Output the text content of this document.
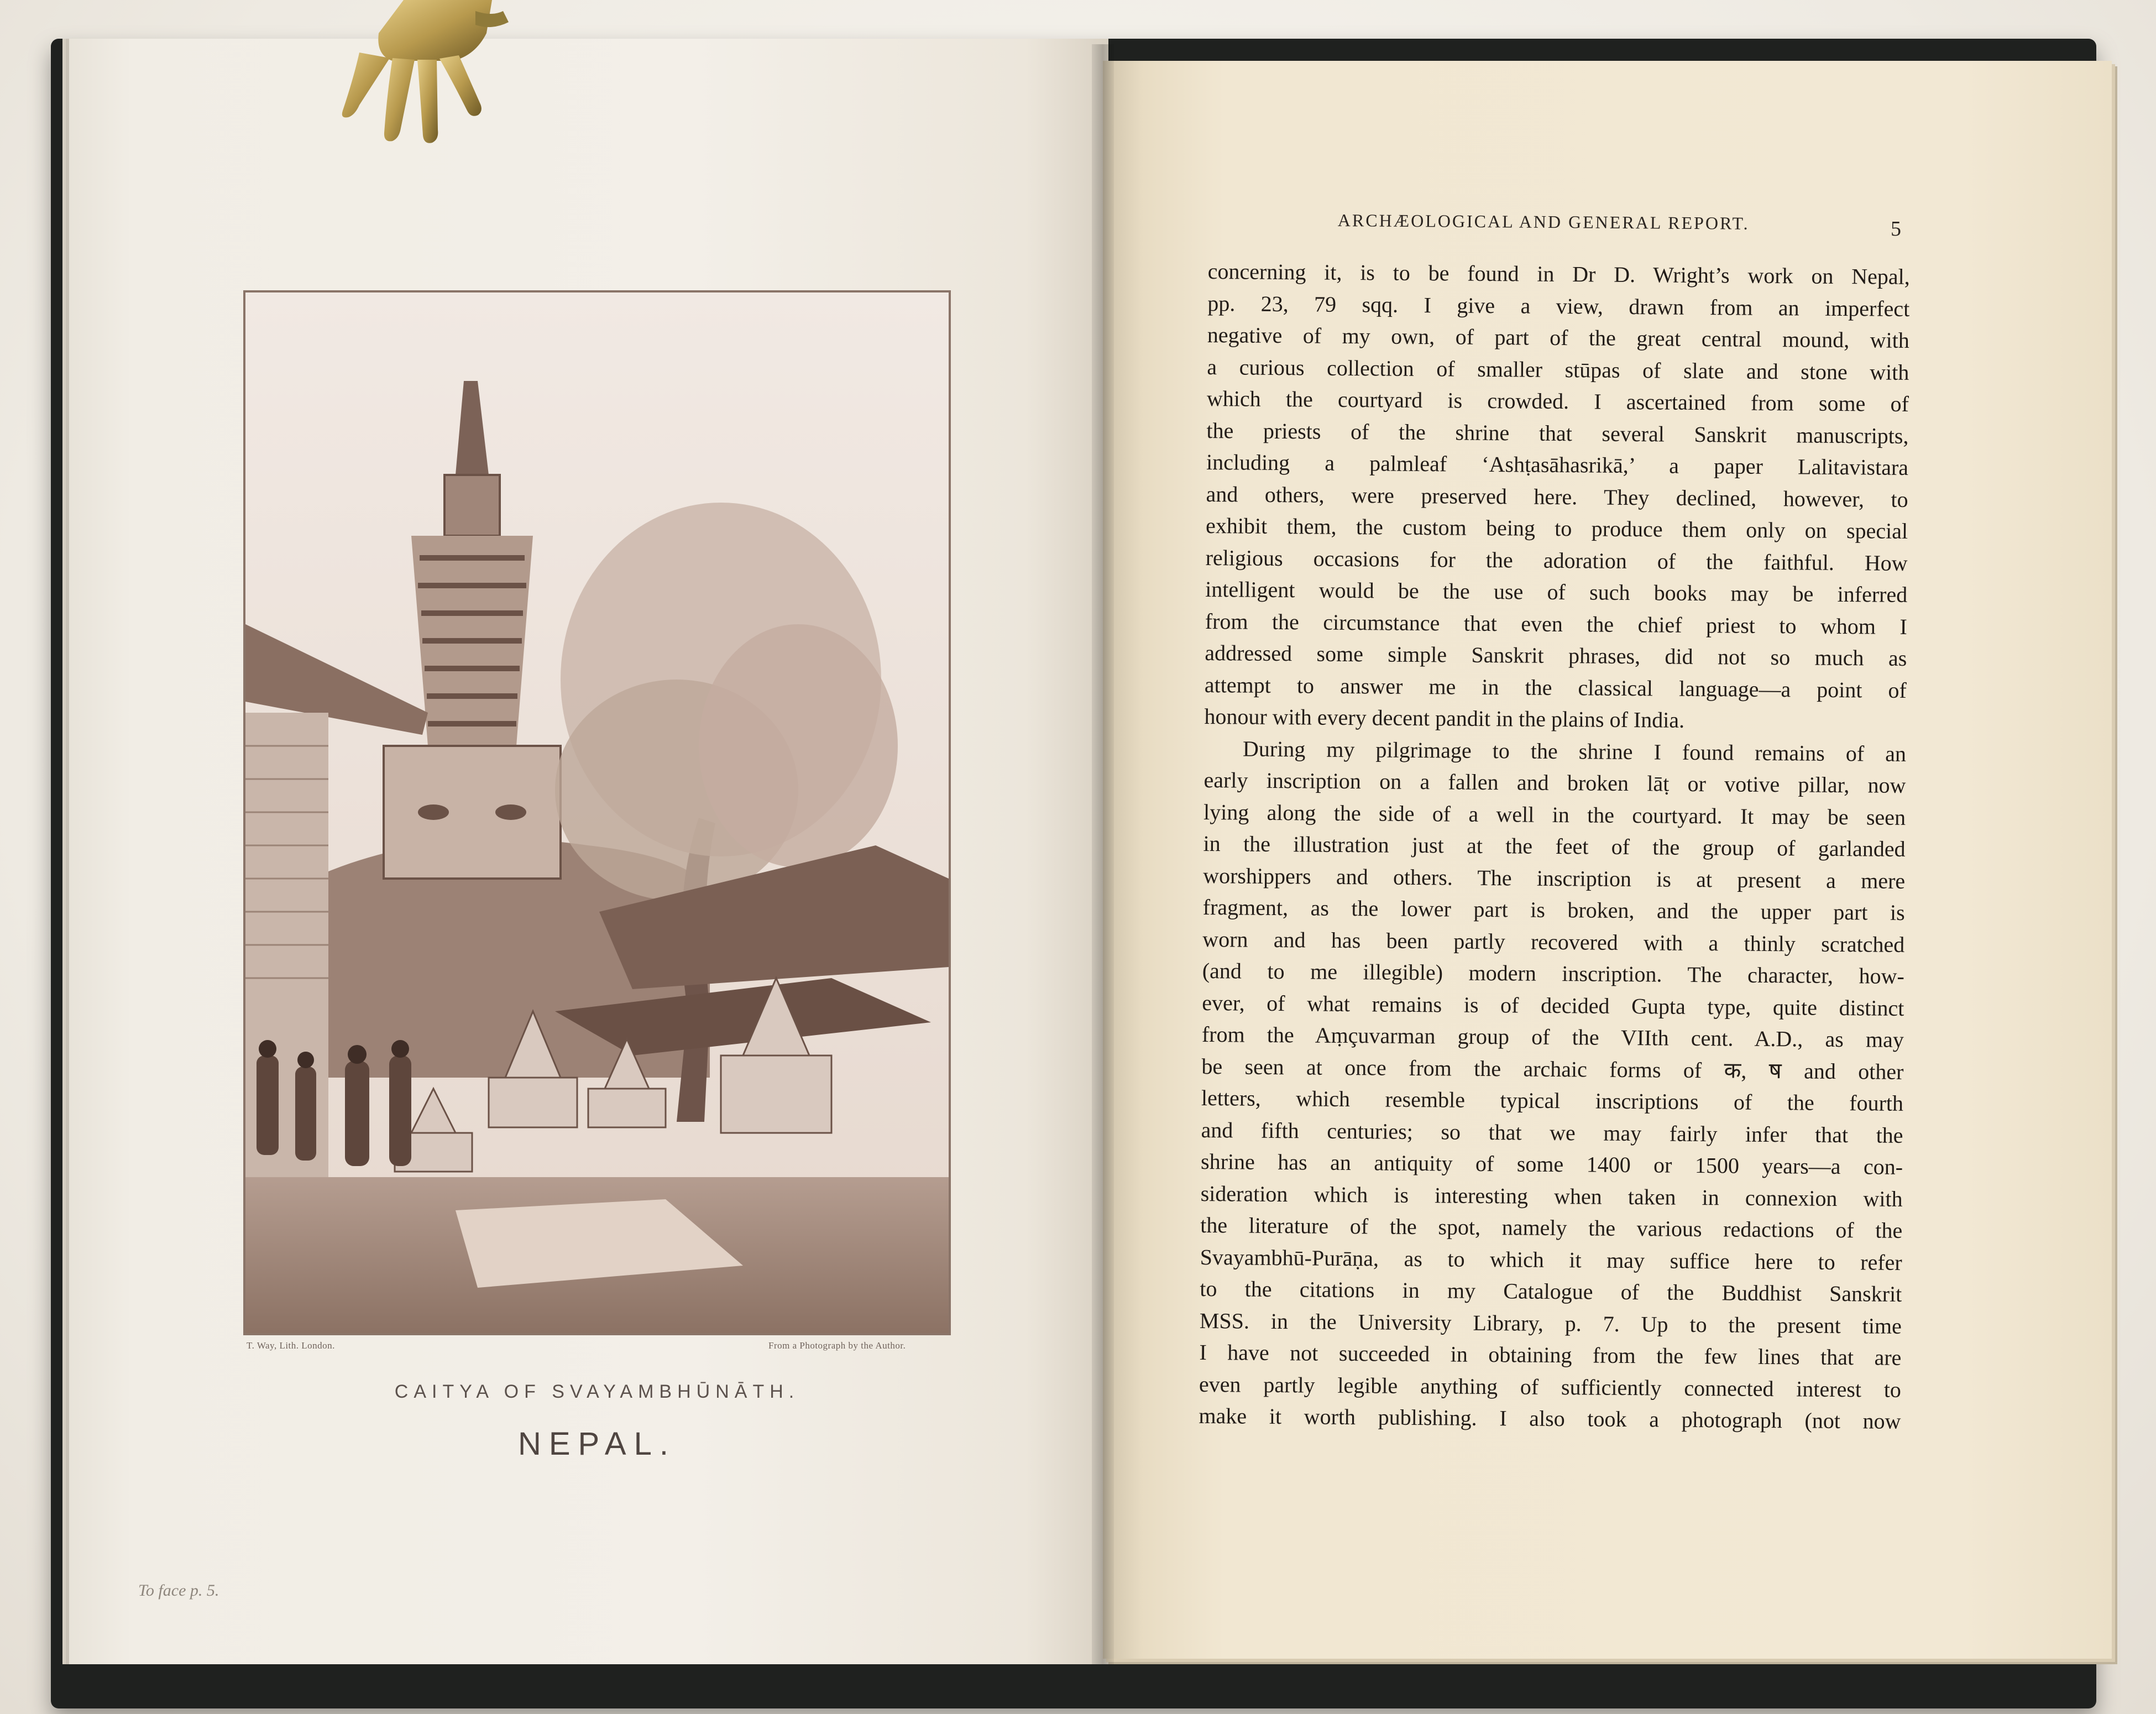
T. Way, Lith. London.	From a Photograph by the Author.
CAITYA OF SVAYAMBHŪNĀTH.
NEPAL.
To face p. 5.
ARCHÆOLOGICAL AND GENERAL REPORT.	5
concerning it, is to be found in Dr D. Wright’s work on Nepal,
pp. 23, 79 sqq. I give a view, drawn from an imperfect
negative of my own, of part of the great central mound, with
a curious collection of smaller stūpas of slate and stone with
which the courtyard is crowded. I ascertained from some of
the priests of the shrine that several Sanskrit manuscripts,
including a palmleaf ‘Ashṭasāhasrikā,’ a paper Lalitavistara
and others, were preserved here. They declined, however, to
exhibit them, the custom being to produce them only on special
religious occasions for the adoration of the faithful. How
intelligent would be the use of such books may be inferred
from the circumstance that even the chief priest to whom I
addressed some simple Sanskrit phrases, did not so much as
attempt to answer me in the classical language—a point of
honour with every decent pandit in the plains of India.
During my pilgrimage to the shrine I found remains of an
early inscription on a fallen and broken lāṭ or votive pillar, now
lying along the side of a well in the courtyard. It may be seen
in the illustration just at the feet of the group of garlanded
worshippers and others. The inscription is at present a mere
fragment, as the lower part is broken, and the upper part is
worn and has been partly recovered with a thinly scratched
(and to me illegible) modern inscription. The character, how-
ever, of what remains is of decided Gupta type, quite distinct
from the Aṃçuvarman group of the VIIth cent. A.D., as may
be seen at once from the archaic forms of क, ष and other
letters, which resemble typical inscriptions of the fourth
and fifth centuries; so that we may fairly infer that the
shrine has an antiquity of some 1400 or 1500 years—a con-
sideration which is interesting when taken in connexion with
the literature of the spot, namely the various redactions of the
Svayambhū-Purāṇa, as to which it may suffice here to refer
to the citations in my Catalogue of the Buddhist Sanskrit
MSS. in the University Library, p. 7. Up to the present time
I have not succeeded in obtaining from the few lines that are
even partly legible anything of sufficiently connected interest to
make it worth publishing. I also took a photograph (not now
